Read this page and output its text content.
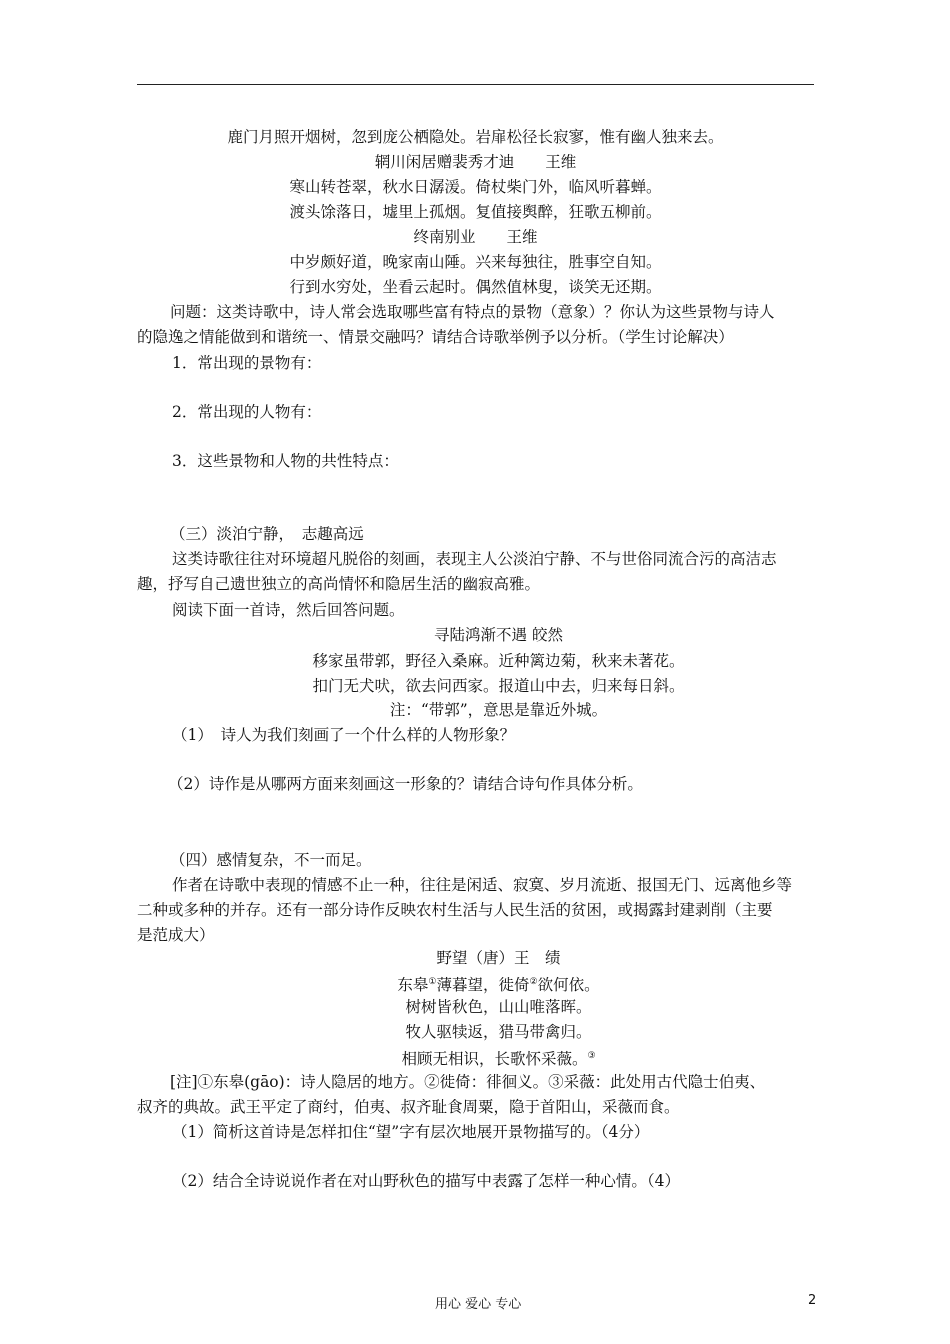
鹿门月照开烟树，忽到庞公栖隐处。岩扉松径长寂寥，惟有幽人独来去。
辋川闲居赠裴秀才迪　　王维
寒山转苍翠，秋水日潺湲。倚杖柴门外，临风听暮蝉。
渡头馀落日，墟里上孤烟。复值接舆醉，狂歌五柳前。
终南别业　　王维
中岁颇好道，晚家南山陲。兴来每独往，胜事空自知。
行到水穷处，坐看云起时。偶然值林叟，谈笑无还期。
问题：这类诗歌中，诗人常会选取哪些富有特点的景物（意象）？你认为这些景物与诗人
的隐逸之情能做到和谐统一、情景交融吗？请结合诗歌举例予以分析。（学生讨论解决）
1．常出现的景物有：
2．常出现的人物有：
3．这些景物和人物的共性特点：
（三）淡泊宁静，　志趣高远
这类诗歌往往对环境超凡脱俗的刻画，表现主人公淡泊宁静、不与世俗同流合污的高洁志
趣，抒写自己遗世独立的高尚情怀和隐居生活的幽寂高雅。
阅读下面一首诗，然后回答问题。
寻陆鸿渐不遇 皎然
移家虽带郭，野径入桑麻。近种篱边菊，秋来未著花。
扣门无犬吠，欲去问西家。报道山中去，归来每日斜。
注：“带郭”，意思是靠近外城。
（1）　诗人为我们刻画了一个什么样的人物形象？
（2）诗作是从哪两方面来刻画这一形象的？请结合诗句作具体分析。
（四）感情复杂，不一而足。
作者在诗歌中表现的情感不止一种，往往是闲适、寂寞、岁月流逝、报国无门、远离他乡等
二种或多种的并存。还有一部分诗作反映农村生活与人民生活的贫困，或揭露封建剥削（主要
是范成大）
野望（唐）王　绩
东皋①薄暮望，徙倚②欲何依。
树树皆秋色，山山唯落晖。
牧人驱犊返，猎马带禽归。
相顾无相识，长歌怀采薇。③
[注]①东皋(gāo)：诗人隐居的地方。②徙倚：徘徊义。③采薇：此处用古代隐士伯夷、
叔齐的典故。武王平定了商纣，伯夷、叔齐耻食周粟，隐于首阳山，采薇而食。
（1）简析这首诗是怎样扣住“望”字有层次地展开景物描写的。（4分）
（2）结合全诗说说作者在对山野秋色的描写中表露了怎样一种心情。（4）
用心 爱心 专心	2
